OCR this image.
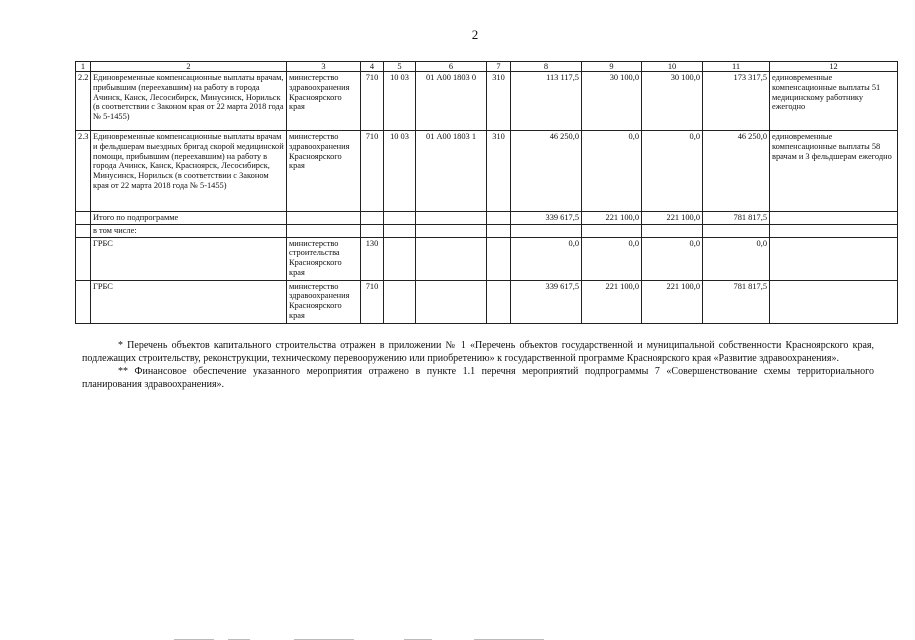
2
1	2	3	4	5	6	7	8	9	10	11	12
2.2	Единовременные компенсационные выплаты врачам, прибывшим (переехавшим) на работу в города Ачинск, Канск, Лесосибирск, Минусинск, Норильск (в соответствии с Законом края от 22 марта 2018 года № 5-1455)	министерство здравоохранения Красноярского края	710	10 03	01 А00 1803 0	310	113 117,5	30 100,0	30 100,0	173 317,5	единовременные компенсационные выплаты 51 медицинскому работнику ежегодно
2.3	Единовременные компенсационные выплаты врачам и фельдшерам выездных бригад скорой медицинской помощи, прибывшим (переехавшим) на работу в города Ачинск, Канск, Красноярск, Лесосибирск, Минусинск, Норильск (в соответствии с Законом края от 22 марта 2018 года № 5-1455)	министерство здравоохранения Красноярского края	710	10 03	01 А00 1803 1	310	46 250,0	0,0	0,0	46 250,0	единовременные компенсационные выплаты 58 врачам и 3 фельдшерам ежегодно
	Итого по подпрограмме						339 617,5	221 100,0	221 100,0	781 817,5	
	в том числе:										
	ГРБС	министерство строительства Красноярского края	130				0,0	0,0	0,0	0,0	
	ГРБС	министерство здравоохранения Красноярского края	710				339 617,5	221 100,0	221 100,0	781 817,5	

* Перечень объектов капитального строительства отражен в приложении № 1 «Перечень объектов государственной и муниципальной собственности Красноярского края, подлежащих строительству, реконструкции, техническому перевооружению или приобретению» к государственной программе Красноярского края «Развитие здравоохранения».

** Финансовое обеспечение указанного мероприятия отражено в пункте 1.1 перечня мероприятий подпрограммы 7 «Совершенствование схемы территориального планирования здравоохранения».
